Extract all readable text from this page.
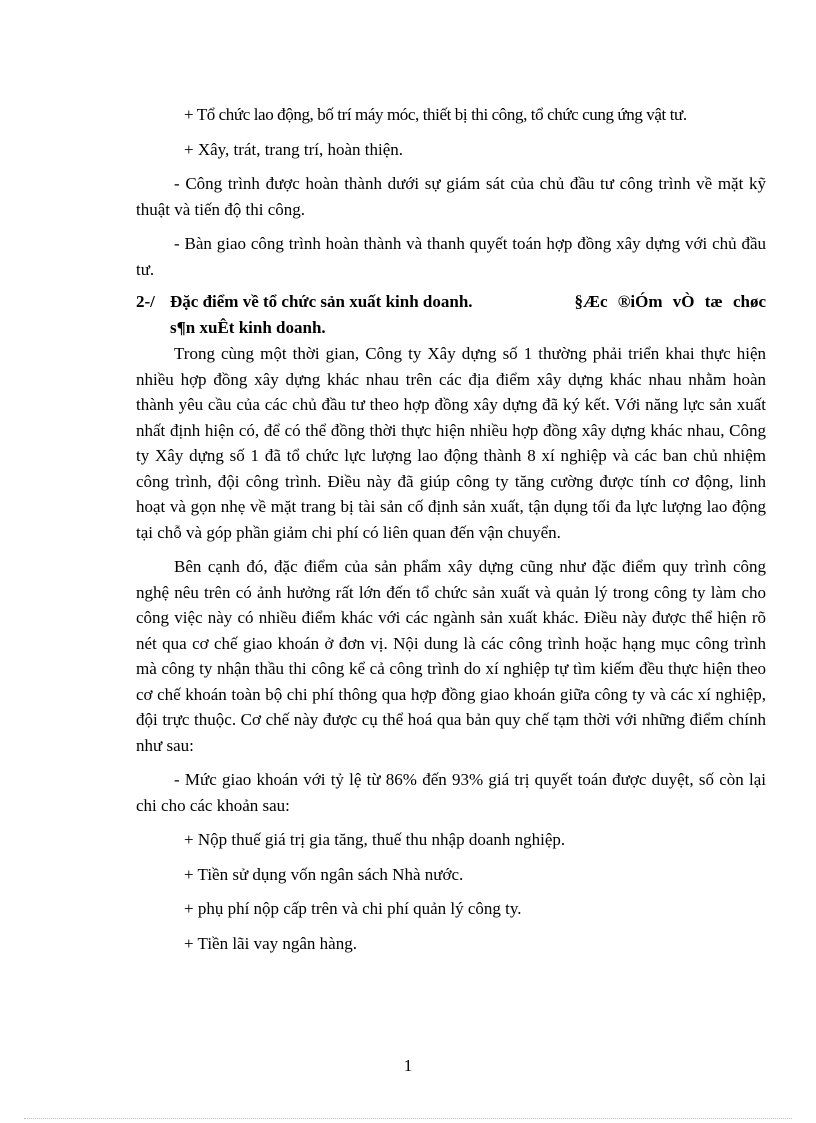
+ Tổ chức lao động, bố trí máy móc, thiết bị thi công, tổ chức cung ứng vật tư.

+ Xây, trát, trang trí, hoàn thiện.

- Công trình được hoàn thành dưới sự giám sát của chủ đầu tư công trình về mặt kỹ thuật và tiến độ thi công.

- Bàn giao công trình hoàn thành và thanh quyết toán hợp đồng xây dựng với chủ đầu tư.

2-/ Đặc điểm về tổ chức sản xuất kinh doanh.	§Æc ®iÓm vÒ tæ chøc
s¶n xuÊt kinh doanh.

Trong cùng một thời gian, Công ty Xây dựng số 1 thường phải triển khai thực hiện nhiều hợp đồng xây dựng khác nhau trên các địa điểm xây dựng khác nhau nhằm hoàn thành yêu cầu của các chủ đầu tư theo hợp đồng xây dựng đã ký kết. Với năng lực sản xuất nhất định hiện có, để có thể đồng thời thực hiện nhiều hợp đồng xây dựng khác nhau, Công ty Xây dựng số 1 đã tổ chức lực lượng lao động thành 8 xí nghiệp và các ban chủ nhiệm công trình, đội công trình. Điều này đã giúp công ty tăng cường được tính cơ động, linh hoạt và gọn nhẹ về mặt trang bị tài sản cố định sản xuất, tận dụng tối đa lực lượng lao động tại chỗ và góp phần giảm chi phí có liên quan đến vận chuyển.

Bên cạnh đó, đặc điểm của sản phẩm xây dựng cũng như đặc điểm quy trình công nghệ nêu trên có ảnh hưởng rất lớn đến tổ chức sản xuất và quản lý trong công ty làm cho công việc này có nhiều điểm khác với các ngành sản xuất khác. Điều này được thể hiện rõ nét qua cơ chế giao khoán ở đơn vị. Nội dung là các công trình hoặc hạng mục công trình mà công ty nhận thầu thi công kể cả công trình do xí nghiệp tự tìm kiếm đều thực hiện theo cơ chế khoán toàn bộ chi phí thông qua hợp đồng giao khoán giữa công ty và các xí nghiệp, đội trực thuộc. Cơ chế này được cụ thể hoá qua bản quy chế tạm thời với những điểm chính như sau:

- Mức giao khoán với tỷ lệ từ 86% đến 93% giá trị quyết toán được duyệt, số còn lại chi cho các khoản sau:

+ Nộp thuế giá trị gia tăng, thuế thu nhập doanh nghiệp.

+ Tiền sử dụng vốn ngân sách Nhà nước.

+ phụ phí nộp cấp trên và chi phí quản lý công ty.

+ Tiền lãi vay ngân hàng.

1
